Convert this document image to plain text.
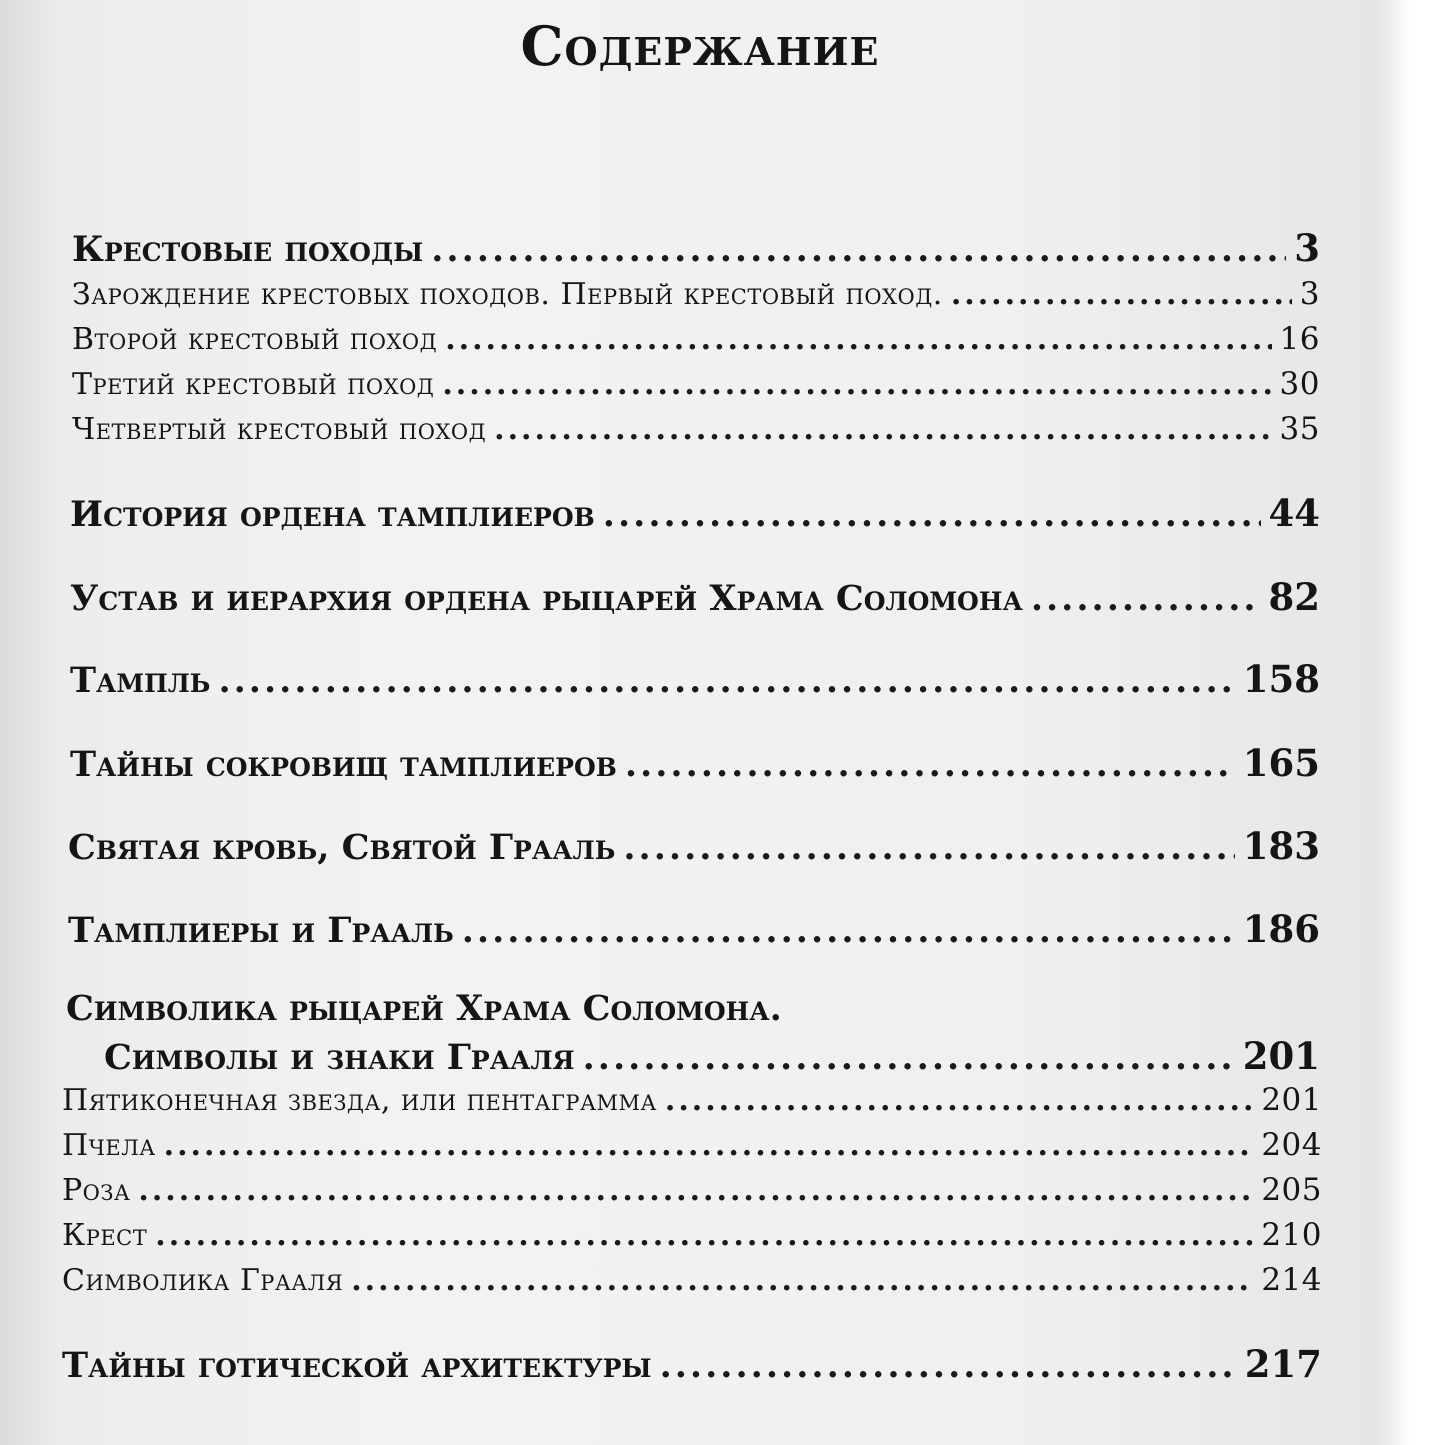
Содержание
Крестовые походы .....	3
Зарождение крестовых походов. Первый крестовый поход. .....	3
Второй крестовый поход .....	16
Третий крестовый поход .....	30
Четвертый крестовый поход .....	35
История ордена тамплиеров .....	44
Устав и иерархия ордена рыцарей Храма Соломона .....	82
Тампль .....	158
Тайны сокровищ тамплиеров .....	165
Святая кровь, Святой Грааль .....	183
Тамплиеры и Грааль .....	186
Символика рыцарей Храма Соломона.
Символы и знаки Грааля .....	201
Пятиконечная звезда, или пентаграмма .....	201
Пчела .....	204
Роза .....	205
Крест .....	210
Символика Грааля .....	214
Тайны готической архитектуры .....	217
